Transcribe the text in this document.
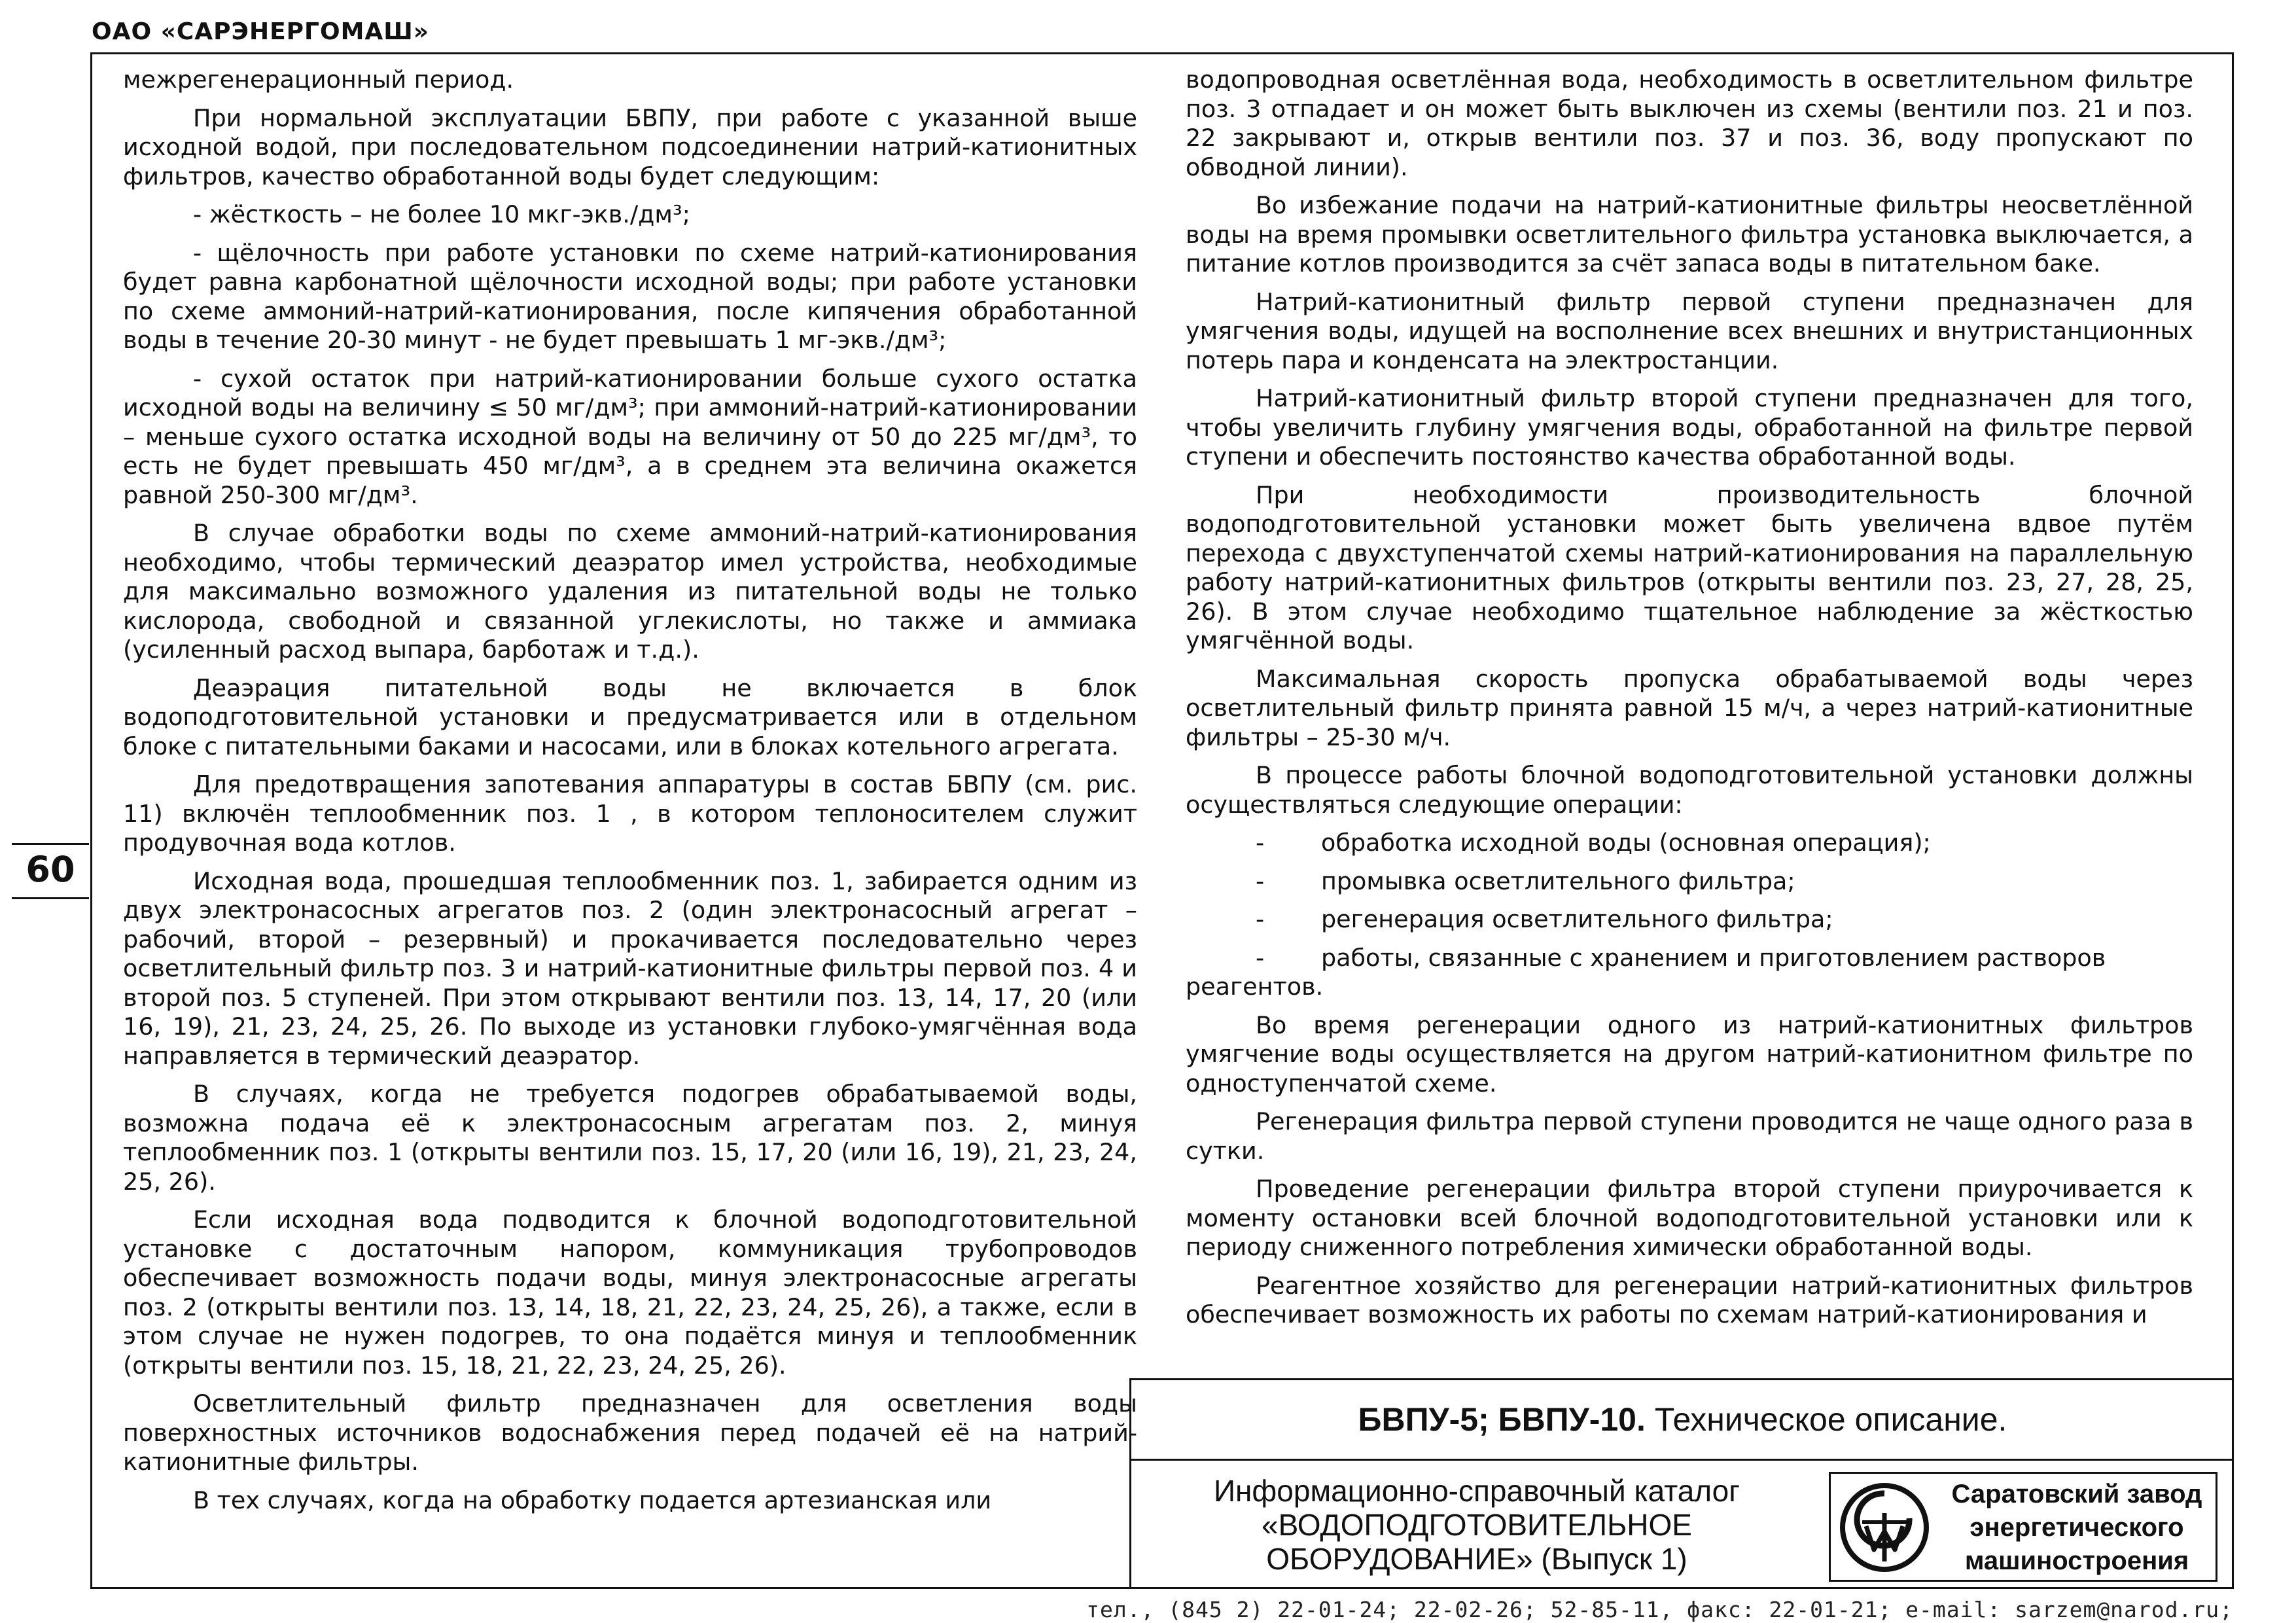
ОАО «САРЭНЕРГОМАШ»
60

межрегенерационный период.

При нормальной эксплуатации БВПУ, при работе с указанной выше исходной водой, при последовательном подсоединении натрий-катионитных фильтров, качество обработанной воды будет следующим:

- жёсткость – не более 10 мкг-экв./дм³;

- щёлочность при работе установки по схеме натрий-катионирования будет равна карбонатной щёлочности исходной воды; при работе установки по схеме аммоний-натрий-катионирования, после кипячения обработанной воды в течение 20-30 минут - не будет превышать 1 мг-экв./дм³;

- сухой остаток при натрий-катионировании больше сухого остатка исходной воды на величину ≤ 50 мг/дм³; при аммоний-натрий-катионировании – меньше сухого остатка исходной воды на величину от 50 до 225 мг/дм³, то есть не будет превышать 450 мг/дм³, а в среднем эта величина окажется равной 250-300 мг/дм³.

В случае обработки воды по схеме аммоний-натрий-катионирования необходимо, чтобы термический деаэратор имел устройства, необходимые для максимально возможного удаления из питательной воды не только кислорода, свободной и связанной углекислоты, но также и аммиака (усиленный расход выпара, барботаж и т.д.).

Деаэрация питательной воды не включается в блок водоподготовительной установки и предусматривается или в отдельном блоке с питательными баками и насосами, или в блоках котельного агрегата.

Для предотвращения запотевания аппаратуры в состав БВПУ (см. рис. 11) включён теплообменник поз. 1 , в котором теплоносителем служит продувочная вода котлов.

Исходная вода, прошедшая теплообменник поз. 1, забирается одним из двух электронасосных агрегатов поз. 2 (один электронасосный агрегат – рабочий, второй – резервный) и прокачивается последовательно через осветлительный фильтр поз. 3 и натрий-катионитные фильтры первой поз. 4 и второй поз. 5 ступеней. При этом открывают вентили поз. 13, 14, 17, 20 (или 16, 19), 21, 23, 24, 25, 26. По выходе из установки глубоко-умягчённая вода направляется в термический деаэратор.

В случаях, когда не требуется подогрев обрабатываемой воды, возможна подача её к электронасосным агрегатам поз. 2, минуя теплообменник поз. 1 (открыты вентили поз. 15, 17, 20 (или 16, 19), 21, 23, 24, 25, 26).

Если исходная вода подводится к блочной водоподготовительной установке с достаточным напором, коммуникация трубопроводов обеспечивает возможность подачи воды, минуя электронасосные агрегаты поз. 2 (открыты вентили поз. 13, 14, 18, 21, 22, 23, 24, 25, 26), а также, если в этом случае не нужен подогрев, то она подаётся минуя и теплообменник (открыты вентили поз. 15, 18, 21, 22, 23, 24, 25, 26).

Осветлительный фильтр предназначен для осветления воды поверхностных источников водоснабжения перед подачей её на натрий-катионитные фильтры.

В тех случаях, когда на обработку подается артезианская или

водопроводная осветлённая вода, необходимость в осветлительном фильтре поз. 3 отпадает и он может быть выключен из схемы (вентили поз. 21 и поз. 22 закрывают и, открыв вентили поз. 37 и поз. 36, воду пропускают по обводной линии).

Во избежание подачи на натрий-катионитные фильтры неосветлённой воды на время промывки осветлительного фильтра установка выключается, а питание котлов производится за счёт запаса воды в питательном баке.

Натрий-катионитный фильтр первой ступени предназначен для умягчения воды, идущей на восполнение всех внешних и внутристанционных потерь пара и конденсата на электростанции.

Натрий-катионитный фильтр второй ступени предназначен для того, чтобы увеличить глубину умягчения воды, обработанной на фильтре первой ступени и обеспечить постоянство качества обработанной воды.

При необходимости производительность блочной водоподготовительной установки может быть увеличена вдвое путём перехода с двухступенчатой схемы натрий-катионирования на параллельную работу натрий-катионитных фильтров (открыты вентили поз. 23, 27, 28, 25, 26). В этом случае необходимо тщательное наблюдение за жёсткостью умягчённой воды.

Максимальная скорость пропуска обрабатываемой воды через осветлительный фильтр принята равной 15 м/ч, а через натрий-катионитные фильтры – 25-30 м/ч.

В процессе работы блочной водоподготовительной установки должны осуществляться следующие операции:

-	обработка исходной воды (основная операция);
-	промывка осветлительного фильтра;
-	регенерация осветлительного фильтра;
-	работы, связанные с хранением и приготовлением растворов

реагентов.

Во время регенерации одного из натрий-катионитных фильтров умягчение воды осуществляется на другом натрий-катионитном фильтре по одноступенчатой схеме.

Регенерация фильтра первой ступени проводится не чаще одного раза в сутки.

Проведение регенерации фильтра второй ступени приурочивается к моменту остановки всей блочной водоподготовительной установки или к периоду сниженного потребления химически обработанной воды.

Реагентное хозяйство для регенерации натрий-катионитных фильтров обеспечивает возможность их работы по схемам натрий-катионирования и

БВПУ-5; БВПУ-10. Техническое описание.
Информационно-справочный каталог
«ВОДОПОДГОТОВИТЕЛЬНОЕ
ОБОРУДОВАНИЕ» (Выпуск 1)
Саратовский завод
энергетического
машиностроения
тел., (845 2) 22-01-24; 22-02-26; 52-85-11, факс: 22-01-21; e-mail: sarzem@narod.ru;
